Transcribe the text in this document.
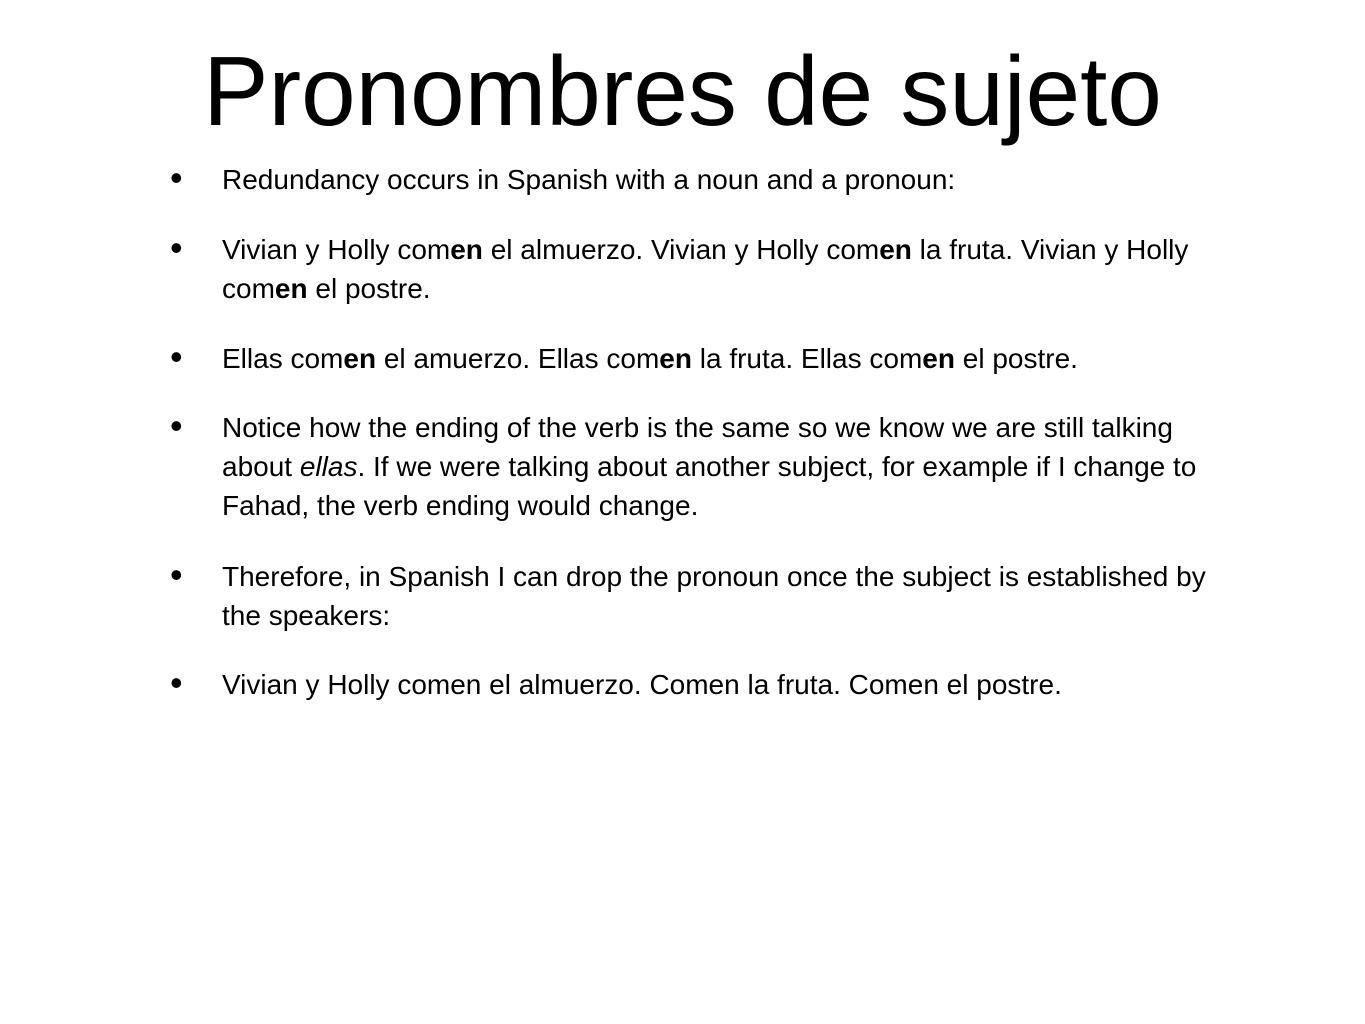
Pronombres de sujeto
• Redundancy occurs in Spanish with a noun and a pronoun:
• Vivian y Holly comen el almuerzo. Vivian y Holly comen la fruta. Vivian y Holly comen el postre.
• Ellas comen el amuerzo. Ellas comen la fruta. Ellas comen el postre.
• Notice how the ending of the verb is the same so we know we are still talking about ellas. If we were talking about another subject, for example if I change to Fahad, the verb ending would change.
• Therefore, in Spanish I can drop the pronoun once the subject is established by the speakers:
• Vivian y Holly comen el almuerzo. Comen la fruta. Comen el postre.
